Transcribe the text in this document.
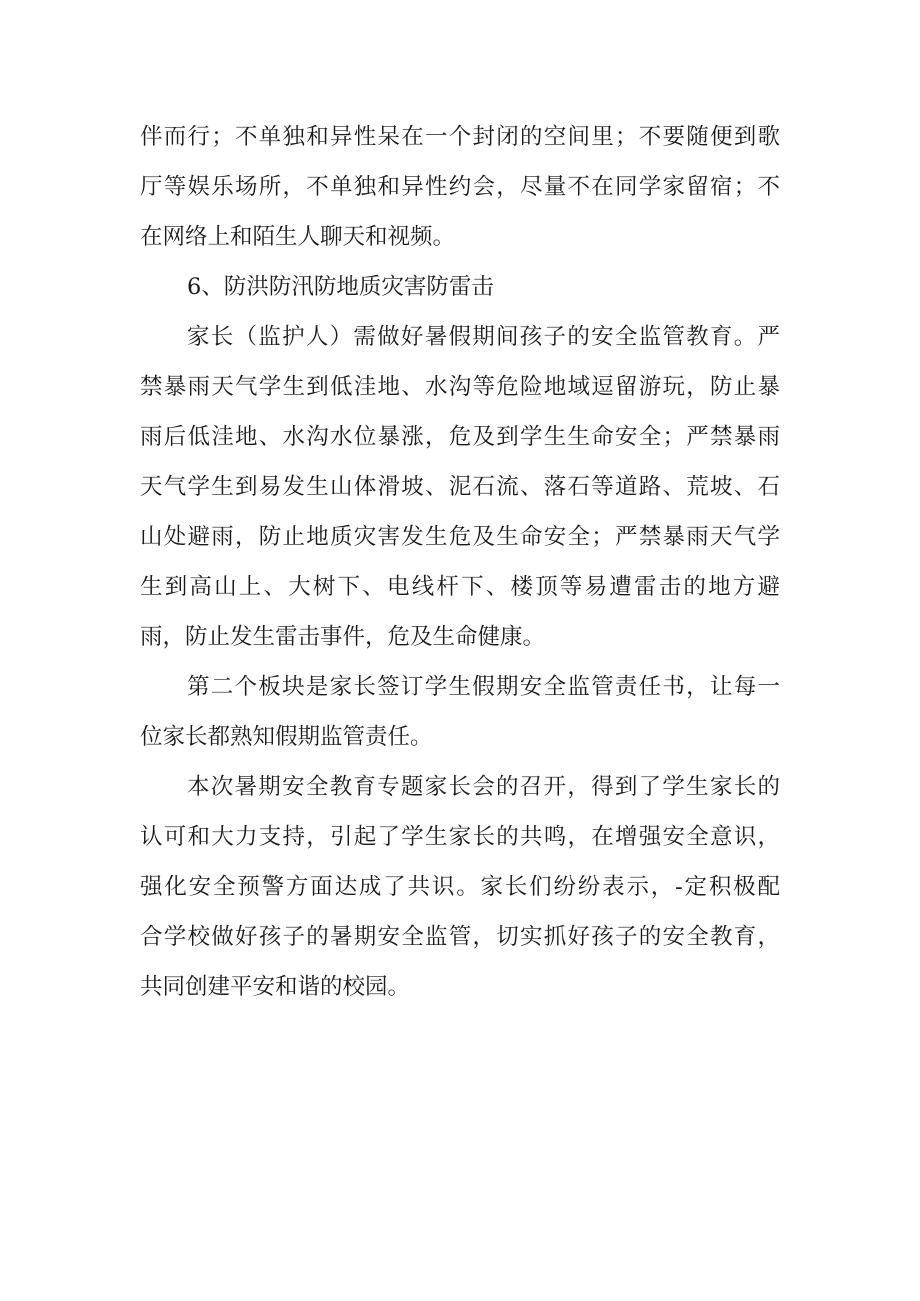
伴而行；不单独和异性呆在一个封闭的空间里；不要随便到歌
厅等娱乐场所，不单独和异性约会，尽量不在同学家留宿；不
在网络上和陌生人聊天和视频。
6、防洪防汛防地质灾害防雷击
家长（监护人）需做好暑假期间孩子的安全监管教育。严
禁暴雨天气学生到低洼地、水沟等危险地域逗留游玩，防止暴
雨后低洼地、水沟水位暴涨，危及到学生生命安全；严禁暴雨
天气学生到易发生山体滑坡、泥石流、落石等道路、荒坡、石
山处避雨，防止地质灾害发生危及生命安全；严禁暴雨天气学
生到高山上、大树下、电线杆下、楼顶等易遭雷击的地方避
雨，防止发生雷击事件，危及生命健康。
第二个板块是家长签订学生假期安全监管责任书，让每一
位家长都熟知假期监管责任。
本次暑期安全教育专题家长会的召开，得到了学生家长的
认可和大力支持，引起了学生家长的共鸣，在增强安全意识，
强化安全预警方面达成了共识。家长们纷纷表示，-定积极配
合学校做好孩子的暑期安全监管，切实抓好孩子的安全教育，
共同创建平安和谐的校园。
